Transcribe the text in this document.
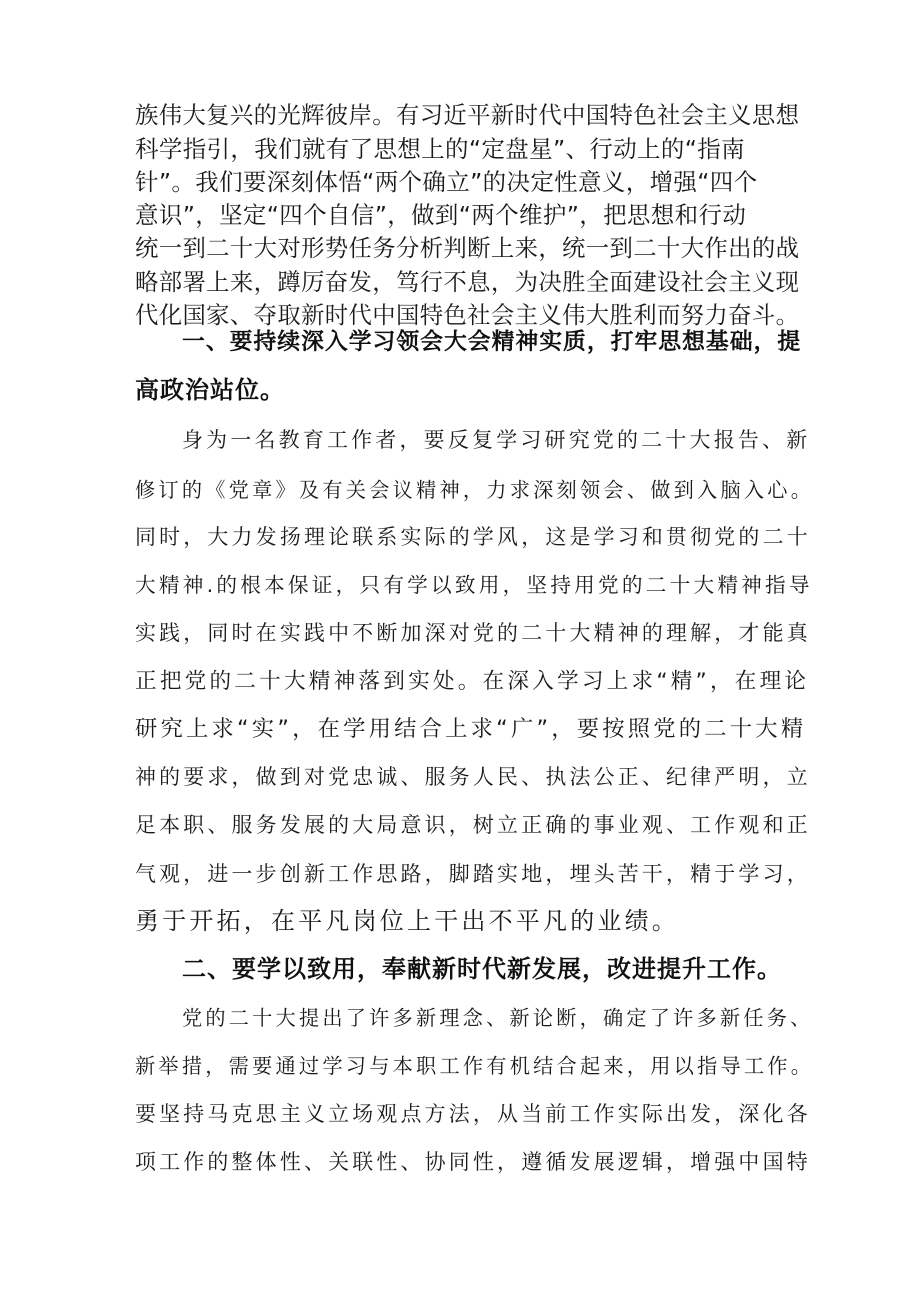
族伟大复兴的光辉彼岸。有习近平新时代中国特色社会主义思想

科学指引，我们就有了思想上的“定盘星”、行动上的“指南

针”。我们要深刻体悟“两个确立”的决定性意义，增强“四个

意识”，坚定“四个自信”，做到“两个维护”，把思想和行动

统一到二十大对形势任务分析判断上来，统一到二十大作出的战

略部署上来，蹲厉奋发，笃行不息，为决胜全面建设社会主义现

代化国家、夺取新时代中国特色社会主义伟大胜利而努力奋斗。

一、要持续深入学习领会大会精神实质，打牢思想基础，提

高政治站位。

身为一名教育工作者，要反复学习研究党的二十大报告、新

修订的《党章》及有关会议精神，力求深刻领会、做到入脑入心。

同时，大力发扬理论联系实际的学风，这是学习和贯彻党的二十

大精神.的根本保证，只有学以致用，坚持用党的二十大精神指导

实践，同时在实践中不断加深对党的二十大精神的理解，才能真

正把党的二十大精神落到实处。在深入学习上求“精”，在理论

研究上求“实”，在学用结合上求“广”，要按照党的二十大精

神的要求，做到对党忠诚、服务人民、执法公正、纪律严明，立

足本职、服务发展的大局意识，树立正确的事业观、工作观和正

气观，进一步创新工作思路，脚踏实地，埋头苦干，精于学习，

勇于开拓，在平凡岗位上干出不平凡的业绩。

二、要学以致用，奉献新时代新发展，改进提升工作。

党的二十大提出了许多新理念、新论断，确定了许多新任务、

新举措，需要通过学习与本职工作有机结合起来，用以指导工作。

要坚持马克思主义立场观点方法，从当前工作实际出发，深化各

项工作的整体性、关联性、协同性，遵循发展逻辑，增强中国特
